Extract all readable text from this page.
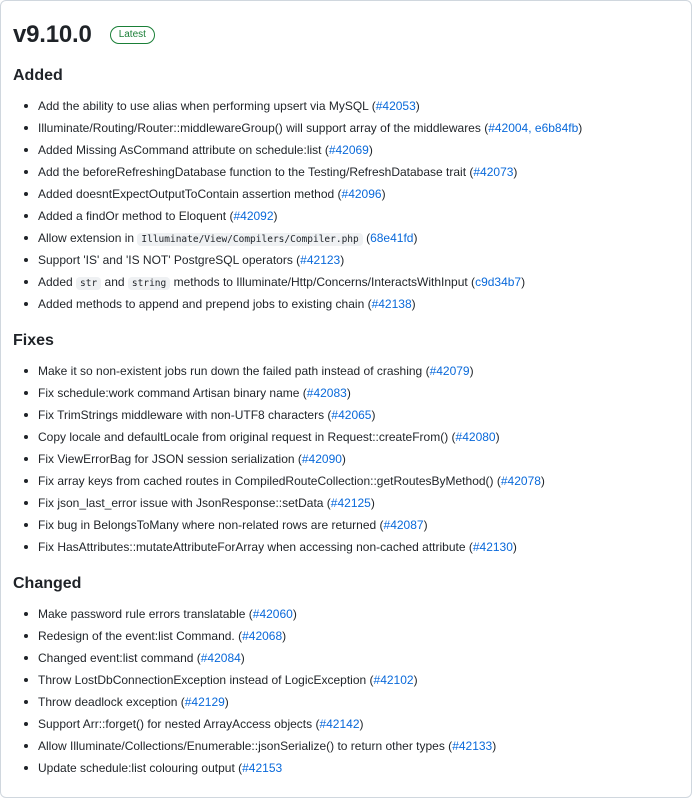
v9.10.0	Latest
Added
Add the ability to use alias when performing upsert via MySQL (#42053)
Illuminate/Routing/Router::middlewareGroup() will support array of the middlewares (#42004, e6b84fb)
Added Missing AsCommand attribute on schedule:list (#42069)
Add the beforeRefreshingDatabase function to the Testing/RefreshDatabase trait (#42073)
Added doesntExpectOutputToContain assertion method (#42096)
Added a findOr method to Eloquent (#42092)
Allow extension in Illuminate/View/Compilers/Compiler.php (68e41fd)
Support 'IS' and 'IS NOT' PostgreSQL operators (#42123)
Added str and string methods to Illuminate/Http/Concerns/InteractsWithInput (c9d34b7)
Added methods to append and prepend jobs to existing chain (#42138)
Fixes
Make it so non-existent jobs run down the failed path instead of crashing (#42079)
Fix schedule:work command Artisan binary name (#42083)
Fix TrimStrings middleware with non-UTF8 characters (#42065)
Copy locale and defaultLocale from original request in Request::createFrom() (#42080)
Fix ViewErrorBag for JSON session serialization (#42090)
Fix array keys from cached routes in CompiledRouteCollection::getRoutesByMethod() (#42078)
Fix json_last_error issue with JsonResponse::setData (#42125)
Fix bug in BelongsToMany where non-related rows are returned (#42087)
Fix HasAttributes::mutateAttributeForArray when accessing non-cached attribute (#42130)
Changed
Make password rule errors translatable (#42060)
Redesign of the event:list Command. (#42068)
Changed event:list command (#42084)
Throw LostDbConnectionException instead of LogicException (#42102)
Throw deadlock exception (#42129)
Support Arr::forget() for nested ArrayAccess objects (#42142)
Allow Illuminate/Collections/Enumerable::jsonSerialize() to return other types (#42133)
Update schedule:list colouring output (#42153
